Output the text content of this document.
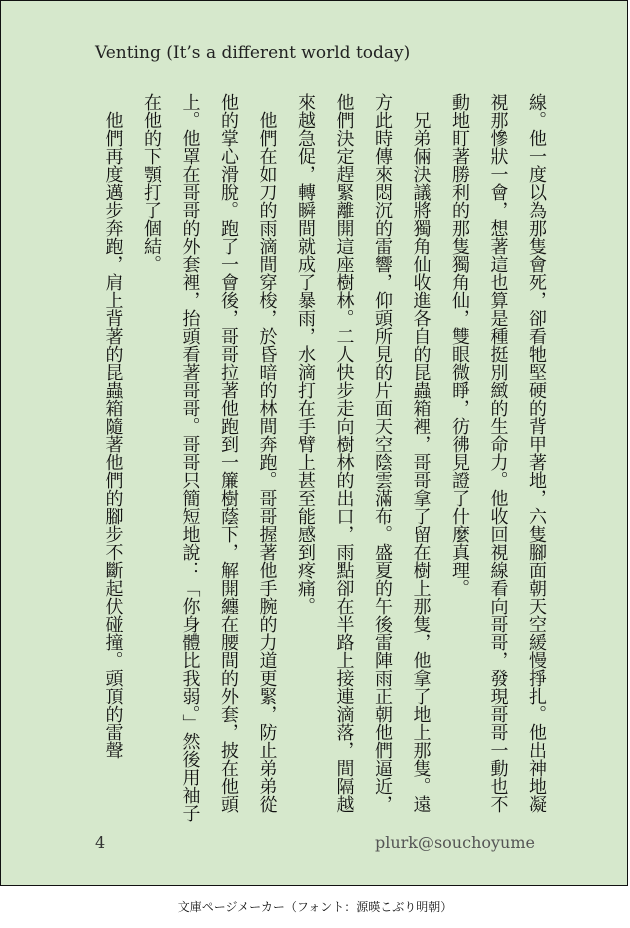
Venting (It’s a different world today)

線。他一度以為那隻會死，卻看牠堅硬的背甲著地，六隻腳面朝天空緩慢掙扎。他出神地凝視那慘狀一會，想著這也算是種挺別緻的生命力。他收回視線看向哥哥，發現哥哥一動也不動地盯著勝利的那隻獨角仙，雙眼微睜，彷彿見證了什麼真理。

兄弟倆決議將獨角仙收進各自的昆蟲箱裡，哥哥拿了留在樹上那隻，他拿了地上那隻。遠方此時傳來悶沉的雷響，仰頭所見的片面天空陰雲滿布。盛夏的午後雷陣雨正朝他們逼近，他們決定趕緊離開這座樹林。二人快步走向樹林的出口，雨點卻在半路上接連滴落，間隔越來越急促，轉瞬間就成了暴雨，水滴打在手臂上甚至能感到疼痛。

他們在如刀的雨滴間穿梭，於昏暗的林間奔跑。哥哥握著他手腕的力道更緊，防止弟弟從他的掌心滑脫。跑了一會後，哥哥拉著他跑到一簾樹蔭下，解開纏在腰間的外套，披在他頭上。他罩在哥哥的外套裡，抬頭看著哥哥。哥哥只簡短地說：「你身體比我弱。」然後用袖子在他的下顎打了個結。

他們再度邁步奔跑，肩上背著的昆蟲箱隨著他們的腳步不斷起伏碰撞。頭頂的雷聲

4	plurk@souchoyume
文庫ページメーカー（フォント：源暎こぶり明朝）
